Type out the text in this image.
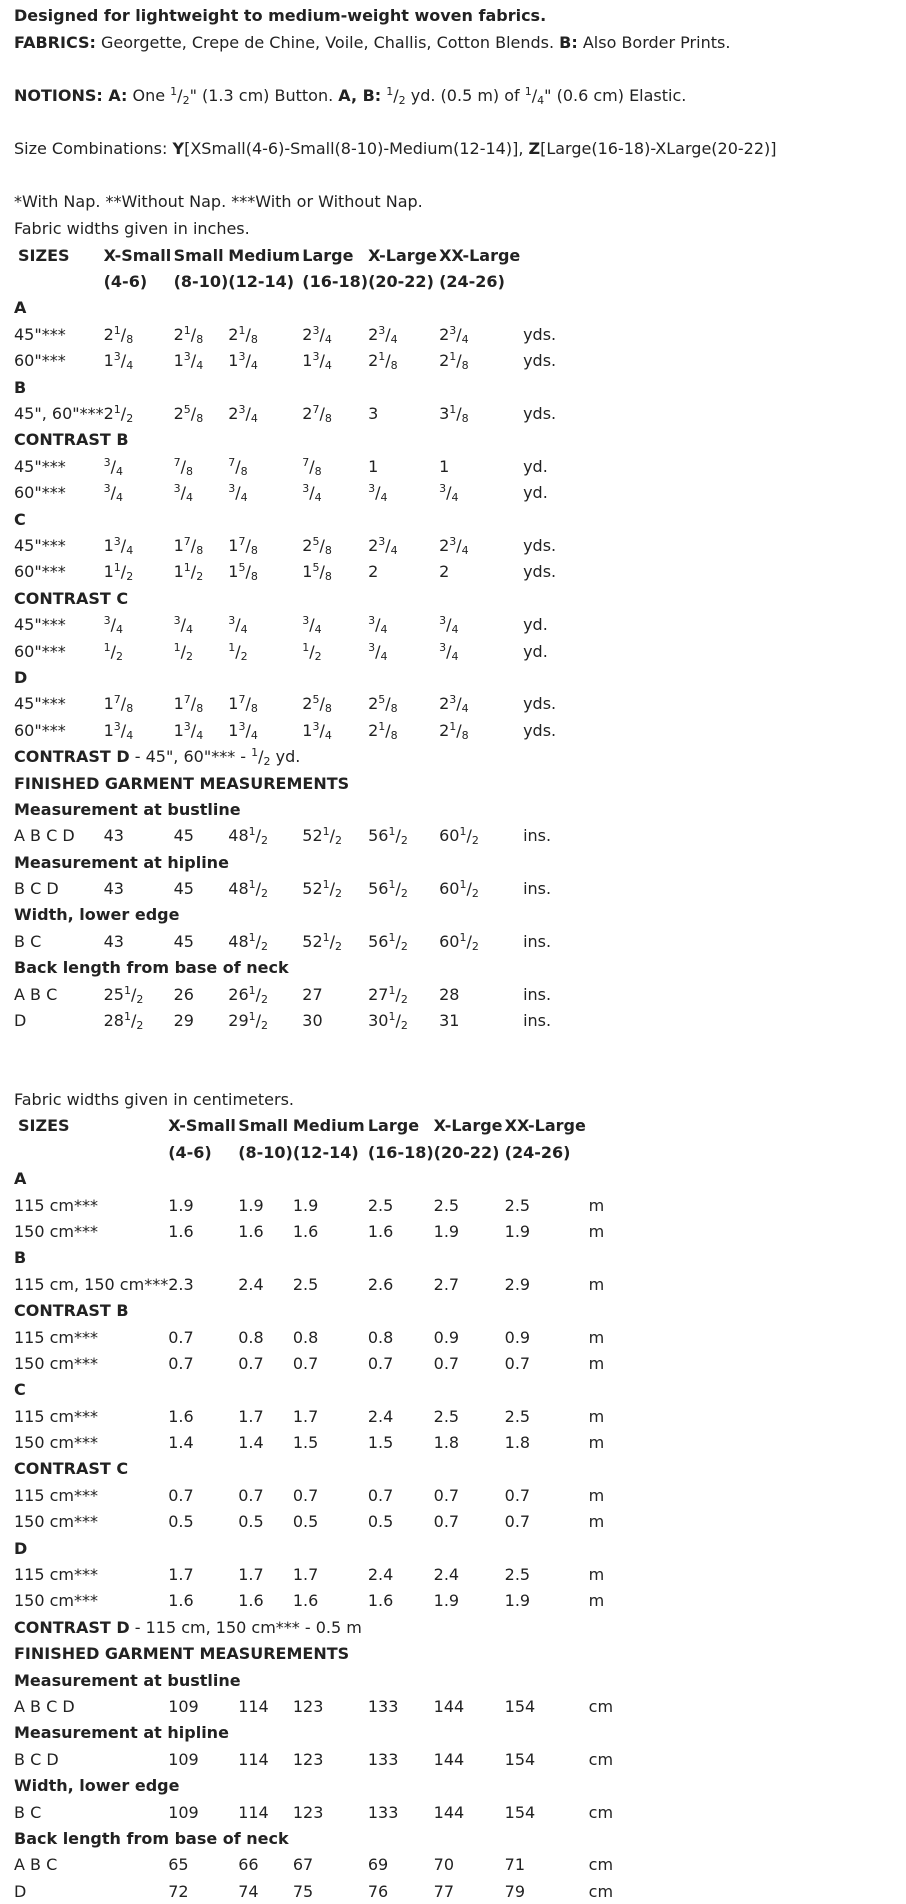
Designed for lightweight to medium-weight woven fabrics.
FABRICS: Georgette, Crepe de Chine, Voile, Challis, Cotton Blends. B: Also Border Prints.
NOTIONS: A: One $^1/_2$" (1.3 cm) Button. A, B: $^1/_2$ yd. (0.5 m) of $^1/_4$" (0.6 cm) Elastic.
Size Combinations: Y[XSmall(4-6)-Small(8-10)-Medium(12-14)], Z[Large(16-18)-XLarge(20-22)]
*With Nap. **Without Nap. ***With or Without Nap.
Fabric widths given in inches.
SIZES	X-Small	Small	Medium	Large	X-Large	XX-Large	
	(4-6)	(8-10)	(12-14)	(16-18)	(20-22)	(24-26)	
A							
45"***	$2^1/_8$	$2^1/_8$	$2^1/_8$	$2^3/_4$	$2^3/_4$	$2^3/_4$	yds.
60"***	$1^3/_4$	$1^3/_4$	$1^3/_4$	$1^3/_4$	$2^1/_8$	$2^1/_8$	yds.
B							
45", 60"***	$2^1/_2$	$2^5/_8$	$2^3/_4$	$2^7/_8$	3	$3^1/_8$	yds.
CONTRAST B							
45"***	$^3/_4$	$^7/_8$	$^7/_8$	$^7/_8$	1	1	yd.
60"***	$^3/_4$	$^3/_4$	$^3/_4$	$^3/_4$	$^3/_4$	$^3/_4$	yd.
C							
45"***	$1^3/_4$	$1^7/_8$	$1^7/_8$	$2^5/_8$	$2^3/_4$	$2^3/_4$	yds.
60"***	$1^1/_2$	$1^1/_2$	$1^5/_8$	$1^5/_8$	2	2	yds.
CONTRAST C							
45"***	$^3/_4$	$^3/_4$	$^3/_4$	$^3/_4$	$^3/_4$	$^3/_4$	yd.
60"***	$^1/_2$	$^1/_2$	$^1/_2$	$^1/_2$	$^3/_4$	$^3/_4$	yd.
D							
45"***	$1^7/_8$	$1^7/_8$	$1^7/_8$	$2^5/_8$	$2^5/_8$	$2^3/_4$	yds.
60"***	$1^3/_4$	$1^3/_4$	$1^3/_4$	$1^3/_4$	$2^1/_8$	$2^1/_8$	yds.
CONTRAST D - 45", 60"*** - $^1/_2$ yd.							
FINISHED GARMENT MEASUREMENTS							
Measurement at bustline							
A B C D	43	45	$48^1/_2$	$52^1/_2$	$56^1/_2$	$60^1/_2$	ins.
Measurement at hipline							
B C D	43	45	$48^1/_2$	$52^1/_2$	$56^1/_2$	$60^1/_2$	ins.
Width, lower edge							
B C	43	45	$48^1/_2$	$52^1/_2$	$56^1/_2$	$60^1/_2$	ins.
Back length from base of neck							
A B C	$25^1/_2$	26	$26^1/_2$	27	$27^1/_2$	28	ins.
D	$28^1/_2$	29	$29^1/_2$	30	$30^1/_2$	31	ins.
Fabric widths given in centimeters.
SIZES	X-Small	Small	Medium	Large	X-Large	XX-Large	
	(4-6)	(8-10)	(12-14)	(16-18)	(20-22)	(24-26)	
A							
115 cm***	1.9	1.9	1.9	2.5	2.5	2.5	m
150 cm***	1.6	1.6	1.6	1.6	1.9	1.9	m
B							
115 cm, 150 cm***	2.3	2.4	2.5	2.6	2.7	2.9	m
CONTRAST B							
115 cm***	0.7	0.8	0.8	0.8	0.9	0.9	m
150 cm***	0.7	0.7	0.7	0.7	0.7	0.7	m
C							
115 cm***	1.6	1.7	1.7	2.4	2.5	2.5	m
150 cm***	1.4	1.4	1.5	1.5	1.8	1.8	m
CONTRAST C							
115 cm***	0.7	0.7	0.7	0.7	0.7	0.7	m
150 cm***	0.5	0.5	0.5	0.5	0.7	0.7	m
D							
115 cm***	1.7	1.7	1.7	2.4	2.4	2.5	m
150 cm***	1.6	1.6	1.6	1.6	1.9	1.9	m
CONTRAST D - 115 cm, 150 cm*** - 0.5 m							
FINISHED GARMENT MEASUREMENTS							
Measurement at bustline							
A B C D	109	114	123	133	144	154	cm
Measurement at hipline							
B C D	109	114	123	133	144	154	cm
Width, lower edge							
B C	109	114	123	133	144	154	cm
Back length from base of neck							
A B C	65	66	67	69	70	71	cm
D	72	74	75	76	77	79	cm
